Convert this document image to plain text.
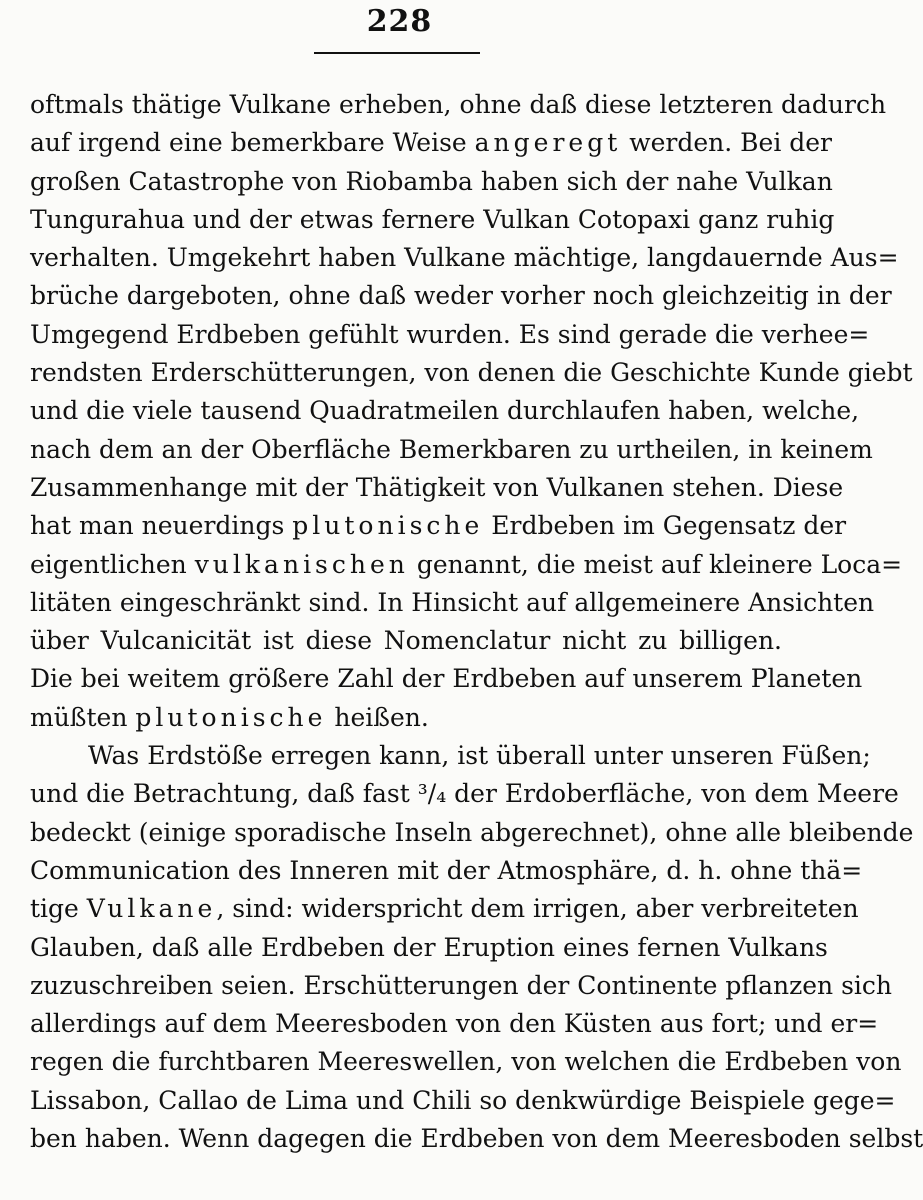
228
oftmals thätige Vulkane erheben, ohne daß diese letzteren dadurch
auf irgend eine bemerkbare Weise angeregt werden. Bei der
großen Catastrophe von Riobamba haben sich der nahe Vulkan
Tungurahua und der etwas fernere Vulkan Cotopaxi ganz ruhig
verhalten. Umgekehrt haben Vulkane mächtige, langdauernde Aus=
brüche dargeboten, ohne daß weder vorher noch gleichzeitig in der
Umgegend Erdbeben gefühlt wurden. Es sind gerade die verhee=
rendsten Erderschütterungen, von denen die Geschichte Kunde giebt
und die viele tausend Quadratmeilen durchlaufen haben, welche,
nach dem an der Oberfläche Bemerkbaren zu urtheilen, in keinem
Zusammenhange mit der Thätigkeit von Vulkanen stehen. Diese
hat man neuerdings plutonische Erdbeben im Gegensatz der
eigentlichen vulkanischen genannt, die meist auf kleinere Loca=
litäten eingeschränkt sind. In Hinsicht auf allgemeinere Ansichten
über Vulcanicität ist diese Nomenclatur nicht zu billigen.
Die bei weitem größere Zahl der Erdbeben auf unserem Planeten
müßten plutonische heißen.
Was Erdstöße erregen kann, ist überall unter unseren Füßen;
und die Betrachtung, daß fast ³/₄ der Erdoberfläche, von dem Meere
bedeckt (einige sporadische Inseln abgerechnet), ohne alle bleibende
Communication des Inneren mit der Atmosphäre, d. h. ohne thä=
tige Vulkane, sind: widerspricht dem irrigen, aber verbreiteten
Glauben, daß alle Erdbeben der Eruption eines fernen Vulkans
zuzuschreiben seien. Erschütterungen der Continente pflanzen sich
allerdings auf dem Meeresboden von den Küsten aus fort; und er=
regen die furchtbaren Meereswellen, von welchen die Erdbeben von
Lissabon, Callao de Lima und Chili so denkwürdige Beispiele gege=
ben haben. Wenn dagegen die Erdbeben von dem Meeresboden selbst
